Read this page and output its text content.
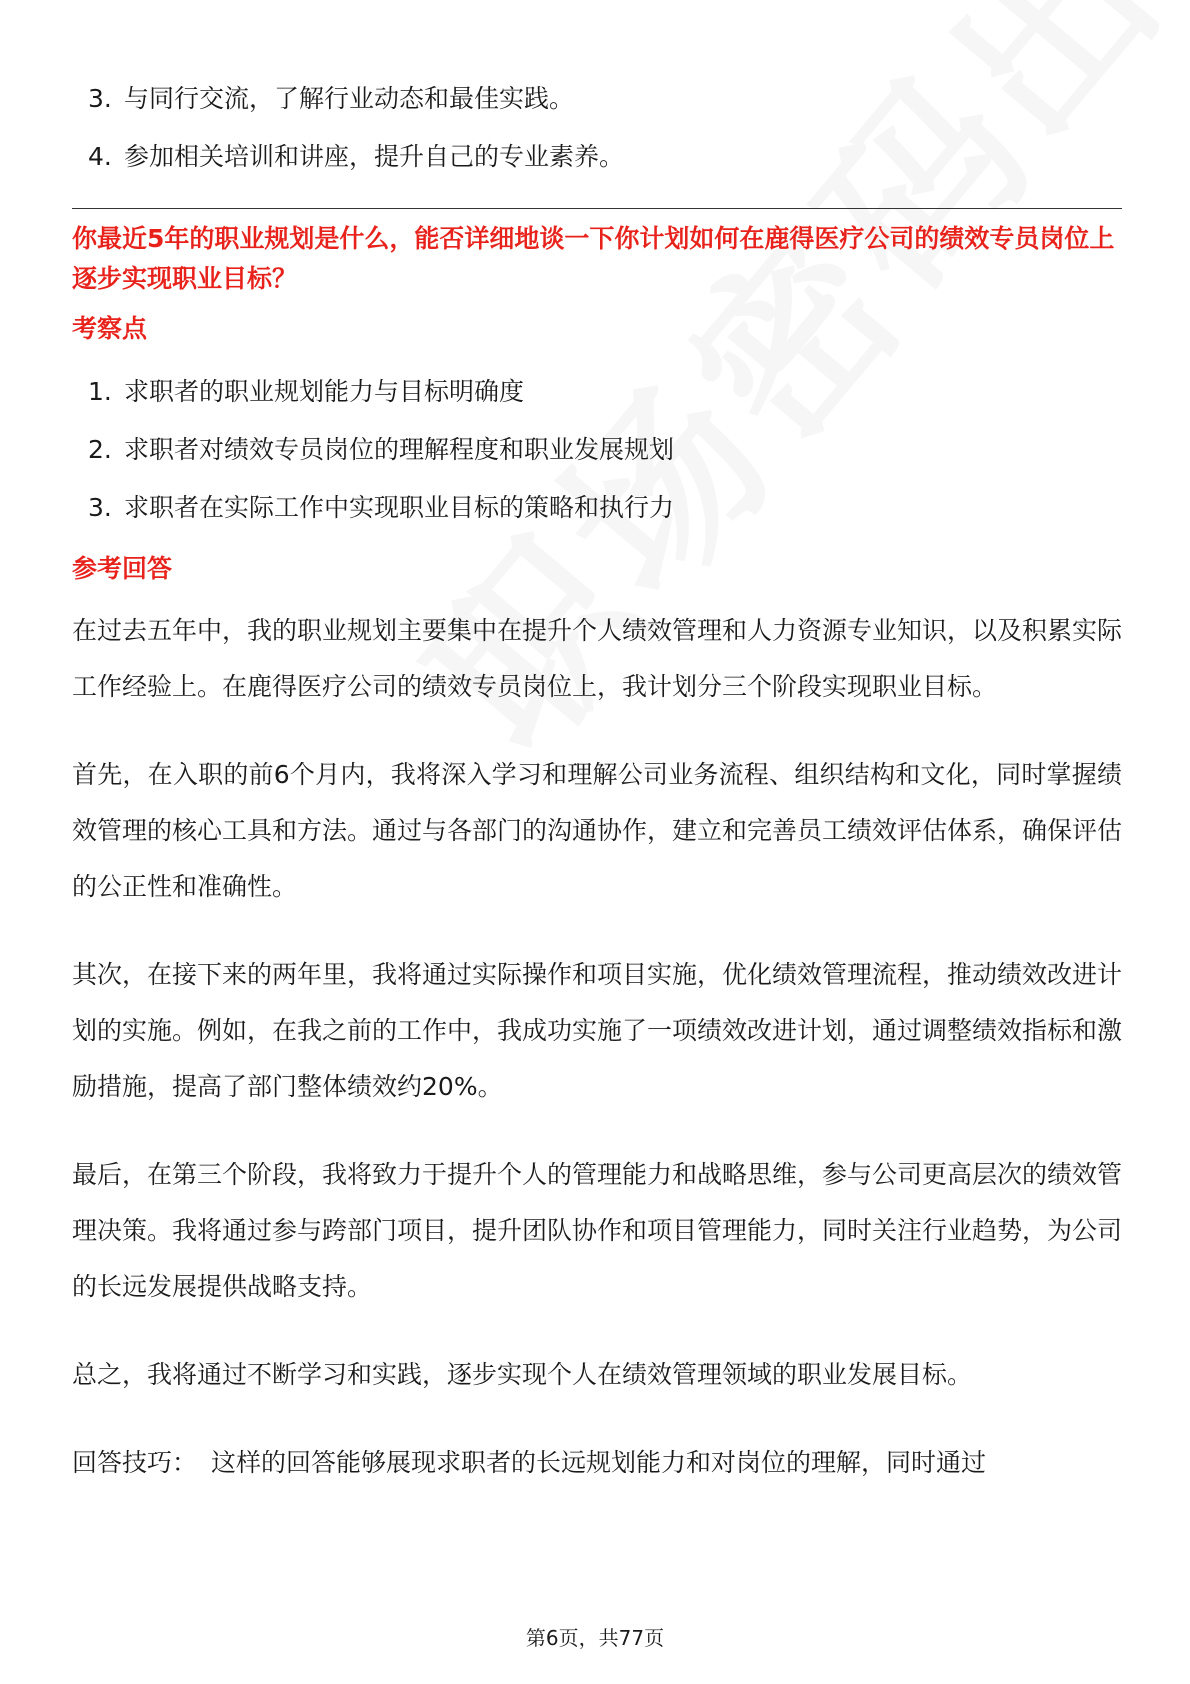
3. 与同行交流，了解行业动态和最佳实践。
4. 参加相关培训和讲座，提升自己的专业素养。

你最近5年的职业规划是什么，能否详细地谈一下你计划如何在鹿得医疗公司的绩效专员岗位上逐步实现职业目标？

考察点
1. 求职者的职业规划能力与目标明确度
2. 求职者对绩效专员岗位的理解程度和职业发展规划
3. 求职者在实际工作中实现职业目标的策略和执行力
参考回答

在过去五年中，我的职业规划主要集中在提升个人绩效管理和人力资源专业知识，以及积累实际工作经验上。在鹿得医疗公司的绩效专员岗位上，我计划分三个阶段实现职业目标。

首先，在入职的前6个月内，我将深入学习和理解公司业务流程、组织结构和文化，同时掌握绩效管理的核心工具和方法。通过与各部门的沟通协作，建立和完善员工绩效评估体系，确保评估的公正性和准确性。

其次，在接下来的两年里，我将通过实际操作和项目实施，优化绩效管理流程，推动绩效改进计划的实施。例如，在我之前的工作中，我成功实施了一项绩效改进计划，通过调整绩效指标和激励措施，提高了部门整体绩效约20%。

最后，在第三个阶段，我将致力于提升个人的管理能力和战略思维，参与公司更高层次的绩效管理决策。我将通过参与跨部门项目，提升团队协作和项目管理能力，同时关注行业趋势，为公司的长远发展提供战略支持。

总之，我将通过不断学习和实践，逐步实现个人在绩效管理领域的职业发展目标。

回答技巧： 这样的回答能够展现求职者的长远规划能力和对岗位的理解，同时通过

第6页，共77页
